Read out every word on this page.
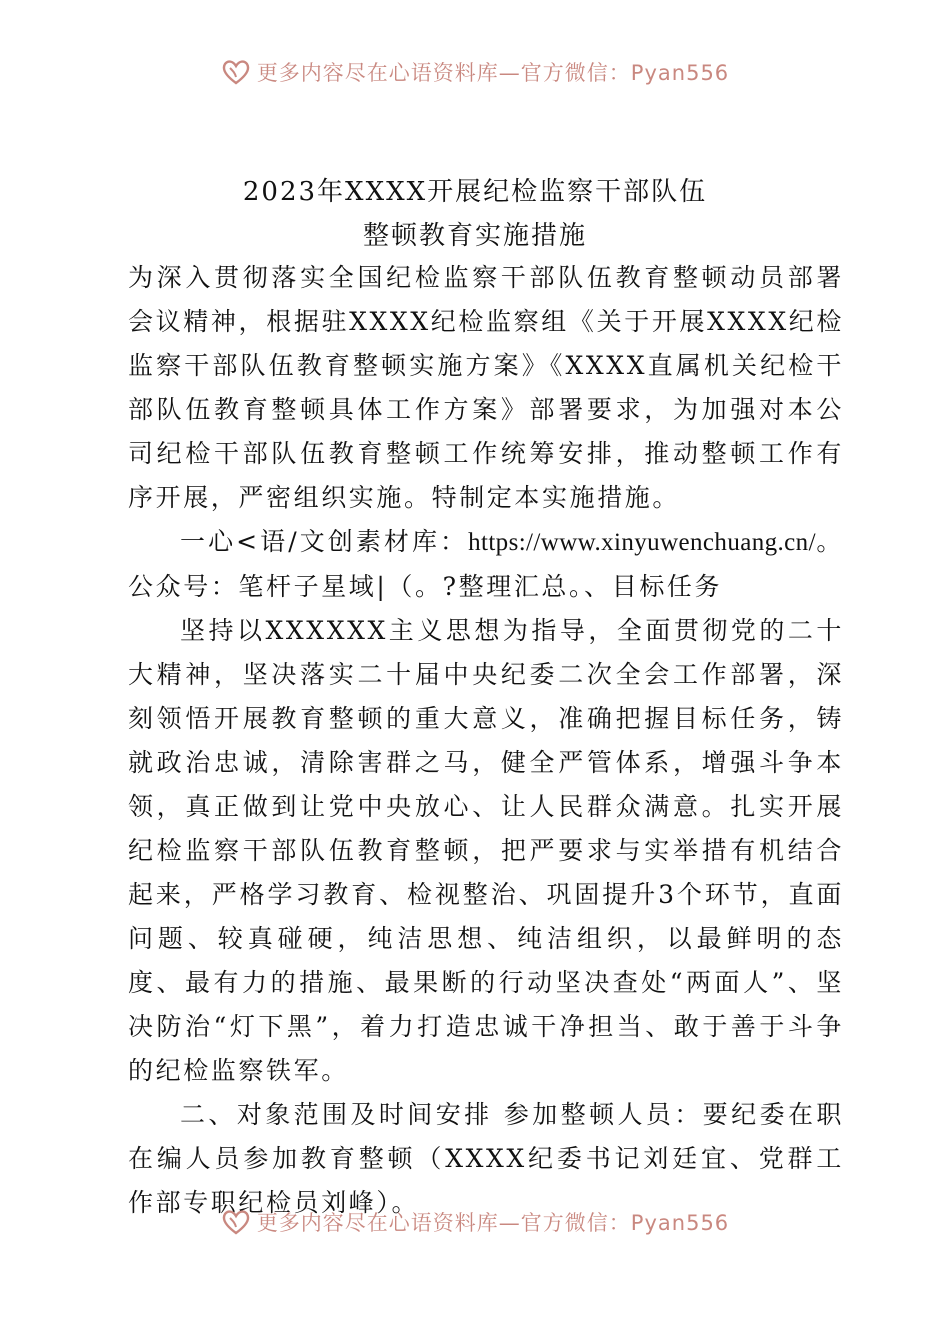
更多内容尽在心语资料库—官方微信：Pyan556
2023年XXXX开展纪检监察干部队伍
整顿教育实施措施

为深入贯彻落实全国纪检监察干部队伍教育整顿动员部署会议精神，根据驻XXXX纪检监察组《关于开展XXXX纪检监察干部队伍教育整顿实施方案》《XXXX直属机关纪检干部队伍教育整顿具体工作方案》部署要求，为加强对本公司纪检干部队伍教育整顿工作统筹安排，推动整顿工作有序开展，严密组织实施。特制定本实施措施。

一心<语/文创素材库：https://www.xinyuwenchuang.cn/。公众号：笔杆子星域|（。?整理汇总。、目标任务

坚持以XXXXXX主义思想为指导，全面贯彻党的二十大精神，坚决落实二十届中央纪委二次全会工作部署，深刻领悟开展教育整顿的重大意义，准确把握目标任务，铸就政治忠诚，清除害群之马，健全严管体系，增强斗争本领，真正做到让党中央放心、让人民群众满意。扎实开展纪检监察干部队伍教育整顿，把严要求与实举措有机结合起来，严格学习教育、检视整治、巩固提升3个环节，直面问题、较真碰硬，纯洁思想、纯洁组织，以最鲜明的态度、最有力的措施、最果断的行动坚决查处“两面人”、坚决防治“灯下黑”，着力打造忠诚干净担当、敢于善于斗争的纪检监察铁军。

二、对象范围及时间安排 参加整顿人员：要纪委在职在编人员参加教育整顿（XXXX纪委书记刘廷宜、党群工作部专职纪检员刘峰）。

更多内容尽在心语资料库—官方微信：Pyan556
